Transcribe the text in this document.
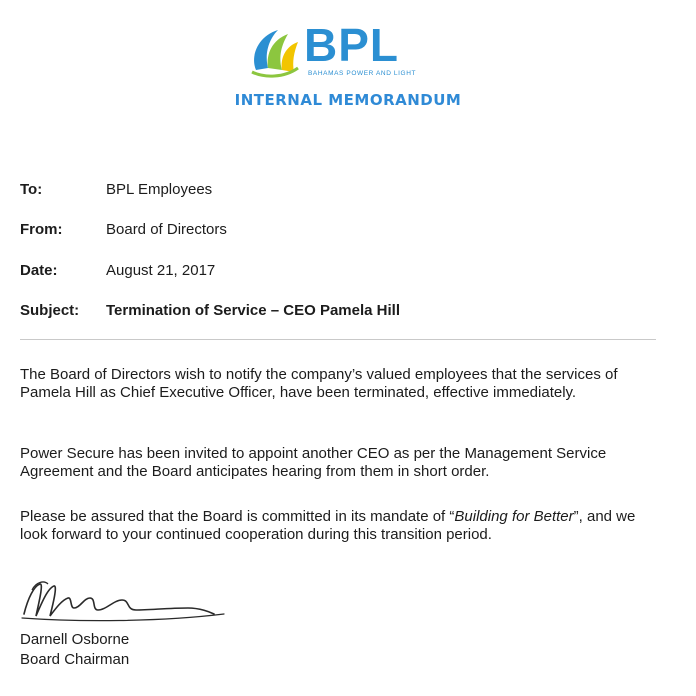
BPL
BAHAMAS POWER AND LIGHT
INTERNAL MEMORANDUM
To:	BPL Employees
From:	Board of Directors
Date:	August 21, 2017
Subject: Termination of Service – CEO Pamela Hill
The Board of Directors wish to notify the company’s valued employees that the services of Pamela Hill as Chief Executive Officer, have been terminated, effective immediately.
Power Secure has been invited to appoint another CEO as per the Management Service Agreement and the Board anticipates hearing from them in short order.
Please be assured that the Board is committed in its mandate of “Building for Better”, and we look forward to your continued cooperation during this transition period.
Darnell Osborne
Board Chairman
